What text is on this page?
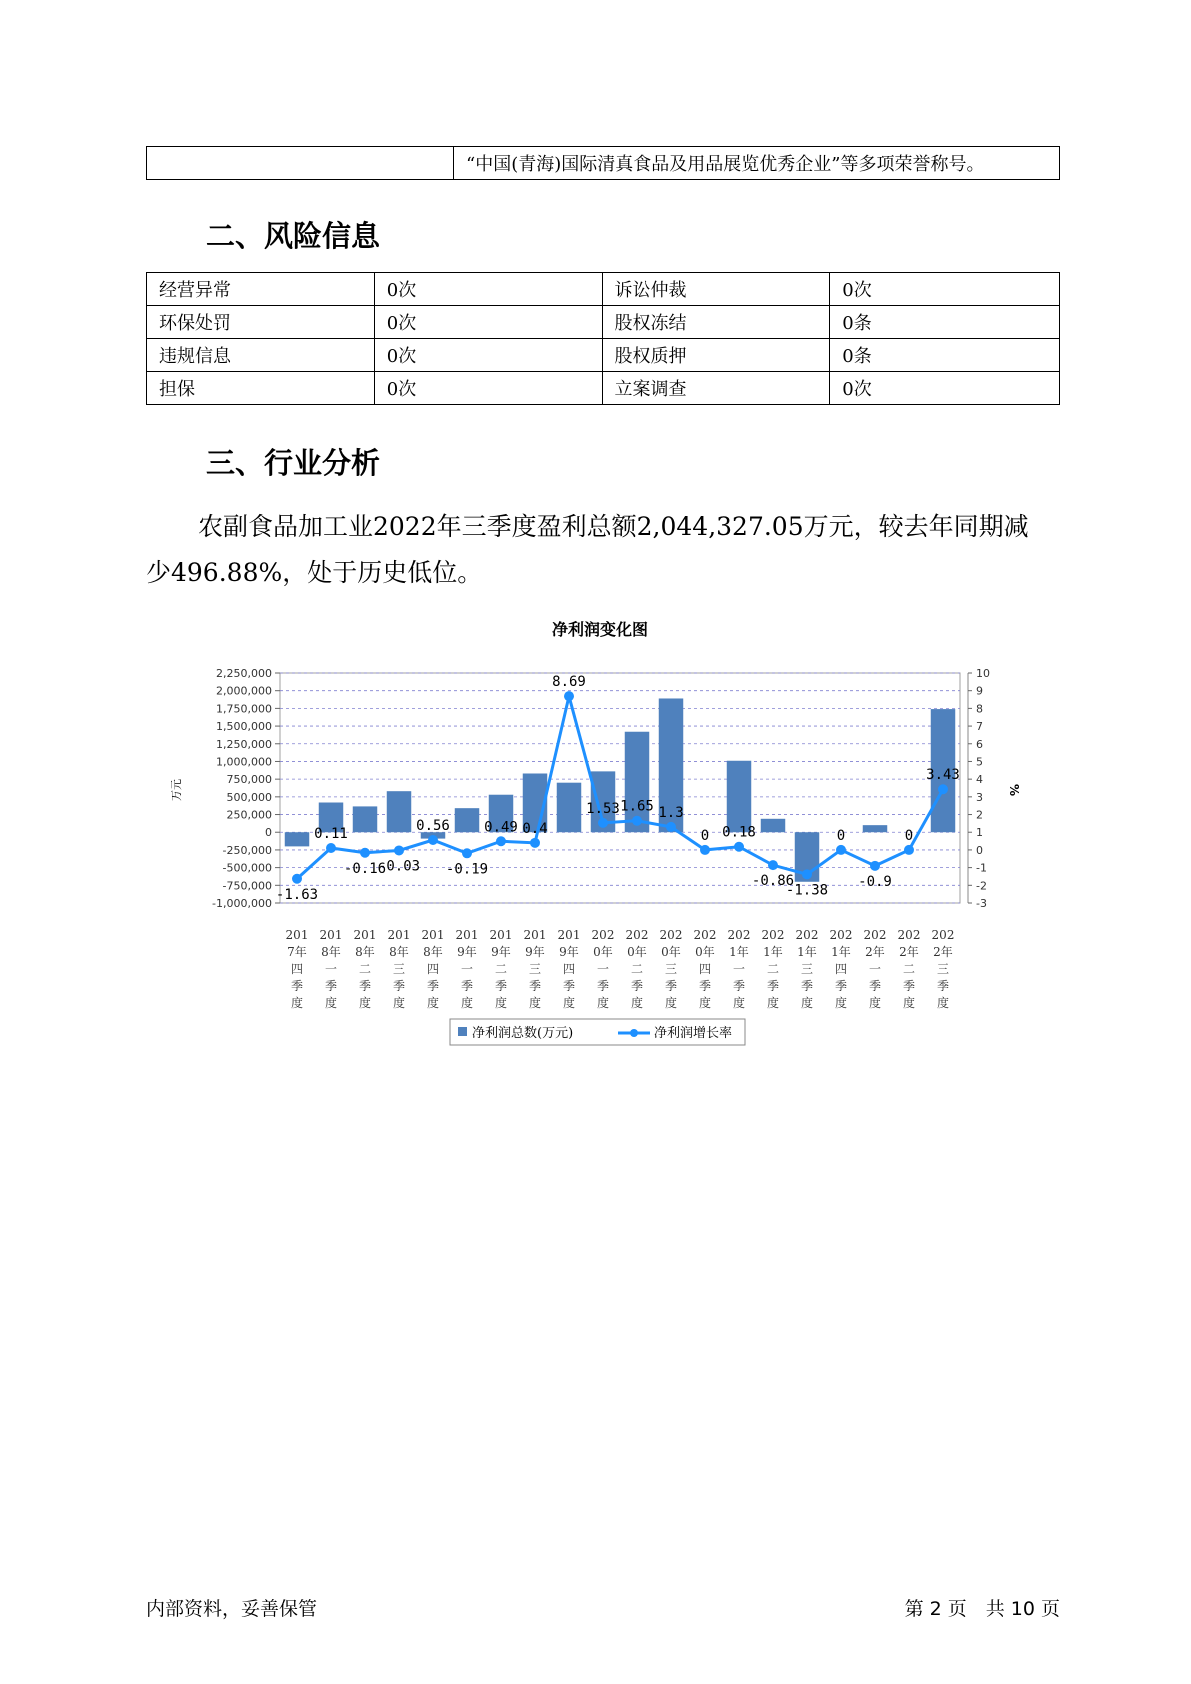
	“中国(青海)国际清真食品及用品展览优秀企业”等多项荣誉称号。
二、风险信息
经营异常	0次	诉讼仲裁	0次
环保处罚	0次	股权冻结	0条
违规信息	0次	股权质押	0条
担保	0次	立案调查	0次
三、行业分析
农副食品加工业2022年三季度盈利总额2,044,327.05万元，较去年同期减少496.88%，处于历史低位。
净利润变化图
2,250,000
2,000,000
1,750,000
1,500,000
1,250,000
1,000,000
750,000
500,000
250,000
0
-250,000
-500,000
-750,000
-1,000,000
10
9
8
7
6
5
4
3
2
1
0
-1
-2
-3
万元	%
-1.63
0.11
-0.16
-0.03
0.56
-0.19
0.49 0.4
8.69
1.53 1.65 1.3
0 0.18
-0.86
-1.38
0
-0.9
0
3.43
201
7年
四
季
度
201
8年
一
季
度
201
8年
二
季
度
201
8年
三
季
度
201
8年
四
季
度
201
9年
一
季
度
201
9年
二
季
度
201
9年
三
季
度
201
9年
四
季
度
202
0年
一
季
度
202
0年
二
季
度
202
0年
三
季
度
202
0年
四
季
度
202
1年
一
季
度
202
1年
二
季
度
202
1年
三
季
度
202
1年
四
季
度
202
2年
一
季
度
202
2年
二
季
度
202
2年
三
季
度
净利润总数(万元)	净利润增长率
内部资料，妥善保管	第 2 页　共 10 页
